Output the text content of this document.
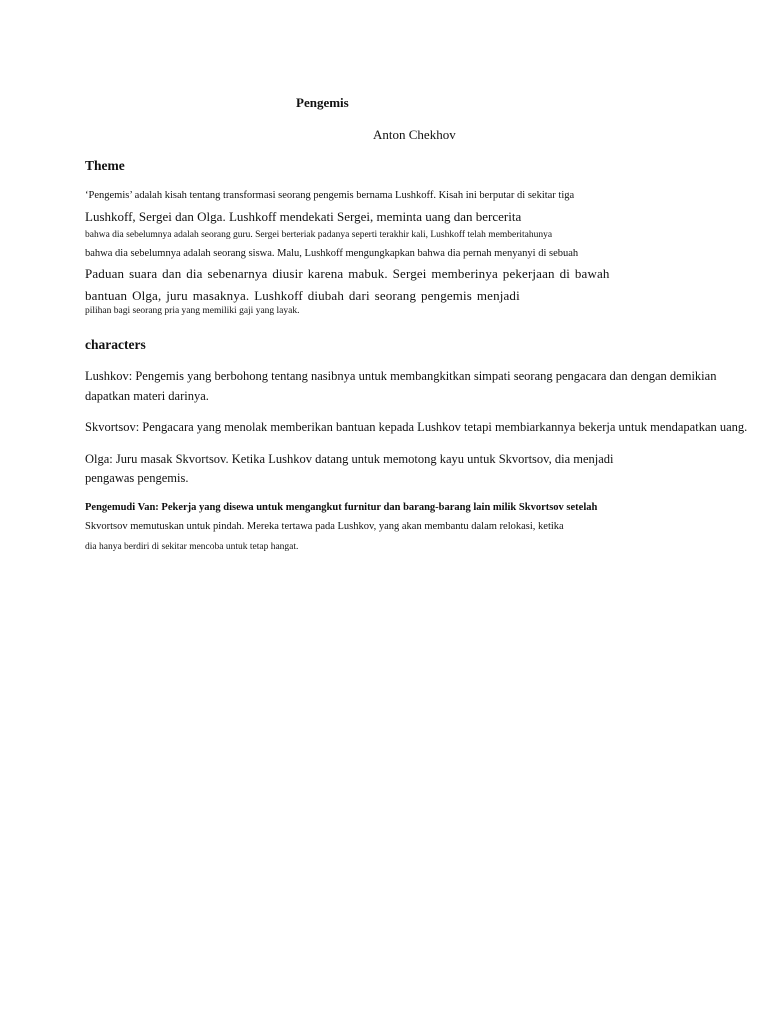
Pengemis

Anton Chekhov

Theme

‘Pengemis’ adalah kisah tentang transformasi seorang pengemis bernama Lushkoff. Kisah ini berputar di sekitar tiga

Lushkoff, Sergei dan Olga. Lushkoff mendekati Sergei, meminta uang dan bercerita

bahwa dia sebelumnya adalah seorang guru. Sergei berteriak padanya seperti terakhir kali, Lushkoff telah memberitahunya

bahwa dia sebelumnya adalah seorang siswa. Malu, Lushkoff mengungkapkan bahwa dia pernah menyanyi di sebuah

Paduan suara dan dia sebenarnya diusir karena mabuk. Sergei memberinya pekerjaan di bawah

bantuan Olga, juru masaknya. Lushkoff diubah dari seorang pengemis menjadi

pilihan bagi seorang pria yang memiliki gaji yang layak.

characters

Lushkov: Pengemis yang berbohong tentang nasibnya untuk membangkitkan simpati seorang pengacara dan dengan demikian

dapatkan materi darinya.

Skvortsov: Pengacara yang menolak memberikan bantuan kepada Lushkov tetapi membiarkannya bekerja untuk mendapatkan uang.

Olga: Juru masak Skvortsov. Ketika Lushkov datang untuk memotong kayu untuk Skvortsov, dia menjadi

pengawas pengemis.

Pengemudi Van: Pekerja yang disewa untuk mengangkut furnitur dan barang-barang lain milik Skvortsov setelah

Skvortsov memutuskan untuk pindah. Mereka tertawa pada Lushkov, yang akan membantu dalam relokasi, ketika

dia hanya berdiri di sekitar mencoba untuk tetap hangat.
